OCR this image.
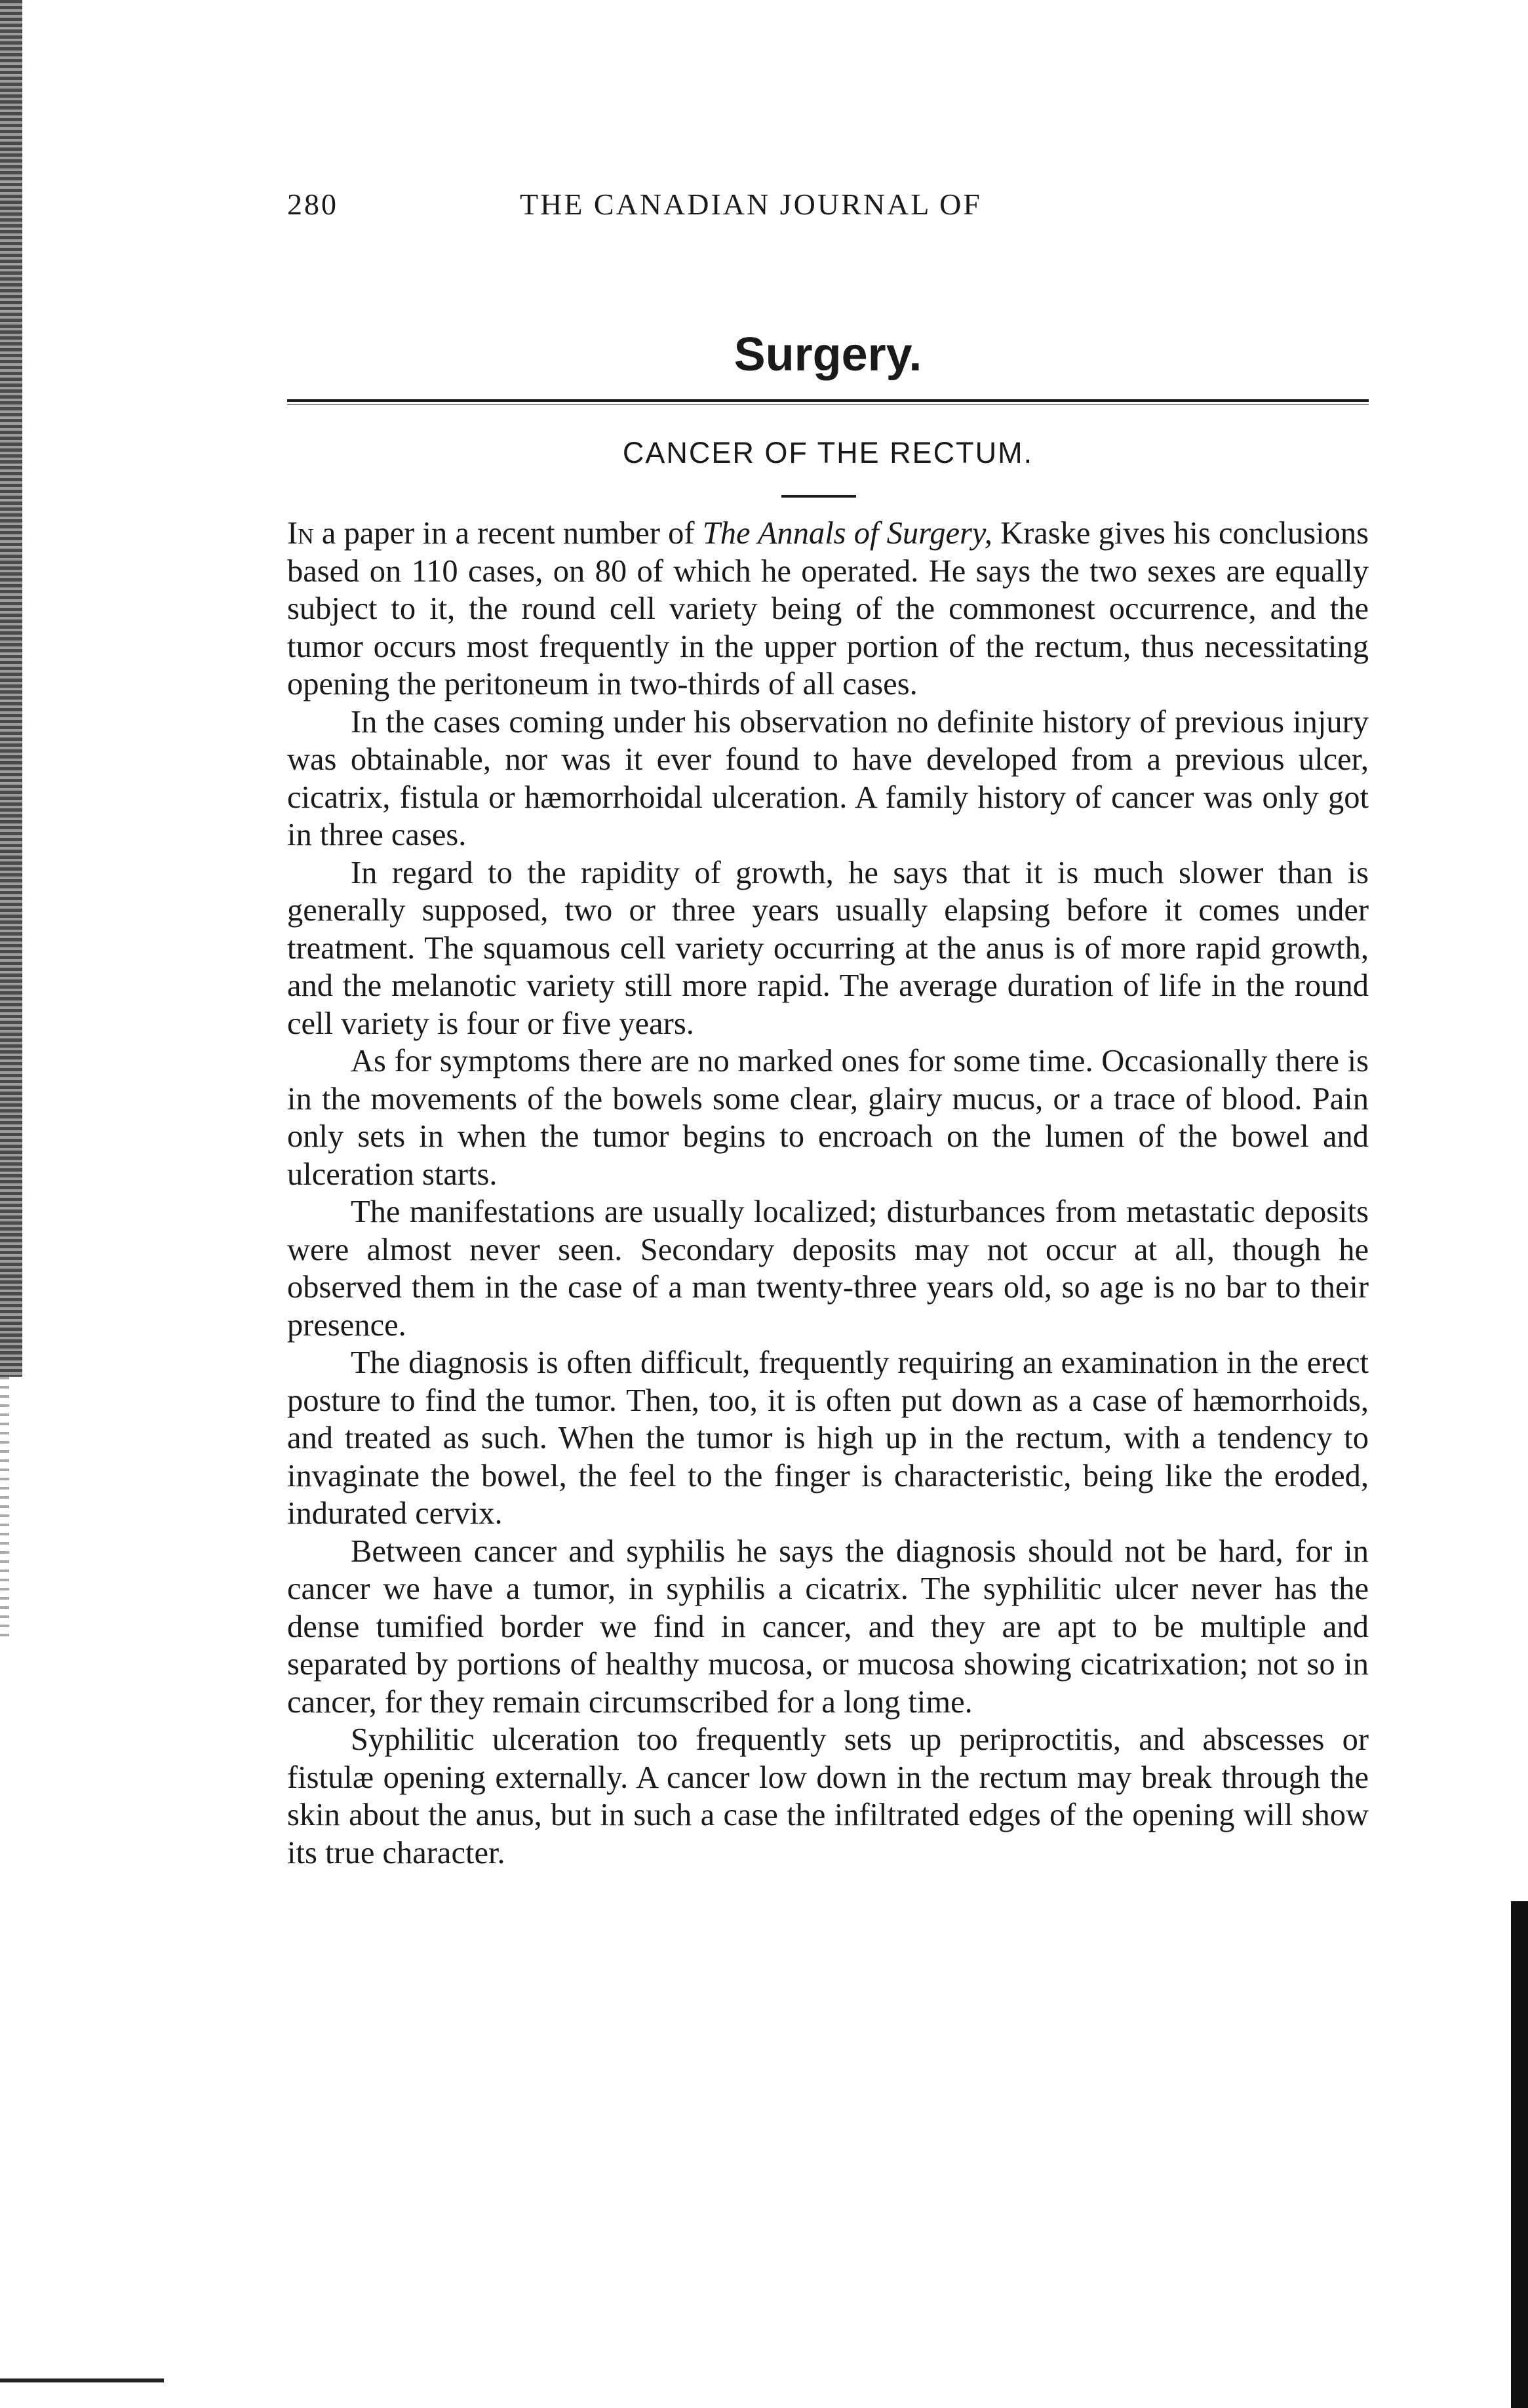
280	THE CANADIAN JOURNAL OF
Surgery.
CANCER OF THE RECTUM.

In a paper in a recent number of The Annals of Surgery, Kraske gives his conclusions based on 110 cases, on 80 of which he operated. He says the two sexes are equally subject to it, the round cell variety being of the commonest occurrence, and the tumor occurs most frequently in the upper portion of the rectum, thus necessitating opening the peritoneum in two-thirds of all cases.

In the cases coming under his observation no definite history of previous injury was obtainable, nor was it ever found to have developed from a previous ulcer, cicatrix, fistula or hæmorrhoidal ulceration. A family history of cancer was only got in three cases.

In regard to the rapidity of growth, he says that it is much slower than is generally supposed, two or three years usually elapsing before it comes under treatment. The squamous cell variety occurring at the anus is of more rapid growth, and the melanotic variety still more rapid. The average duration of life in the round cell variety is four or five years.

As for symptoms there are no marked ones for some time. Occasionally there is in the movements of the bowels some clear, glairy mucus, or a trace of blood. Pain only sets in when the tumor begins to encroach on the lumen of the bowel and ulceration starts.

The manifestations are usually localized; disturbances from metastatic deposits were almost never seen. Secondary deposits may not occur at all, though he observed them in the case of a man twenty-three years old, so age is no bar to their presence.

The diagnosis is often difficult, frequently requiring an examination in the erect posture to find the tumor. Then, too, it is often put down as a case of hæmorrhoids, and treated as such. When the tumor is high up in the rectum, with a tendency to invaginate the bowel, the feel to the finger is characteristic, being like the eroded, indurated cervix.

Between cancer and syphilis he says the diagnosis should not be hard, for in cancer we have a tumor, in syphilis a cicatrix. The syphilitic ulcer never has the dense tumified border we find in cancer, and they are apt to be multiple and separated by portions of healthy mucosa, or mucosa showing cicatrixation; not so in cancer, for they remain circumscribed for a long time.

Syphilitic ulceration too frequently sets up periproctitis, and abscesses or fistulæ opening externally. A cancer low down in the rectum may break through the skin about the anus, but in such a case the infiltrated edges of the opening will show its true character.
